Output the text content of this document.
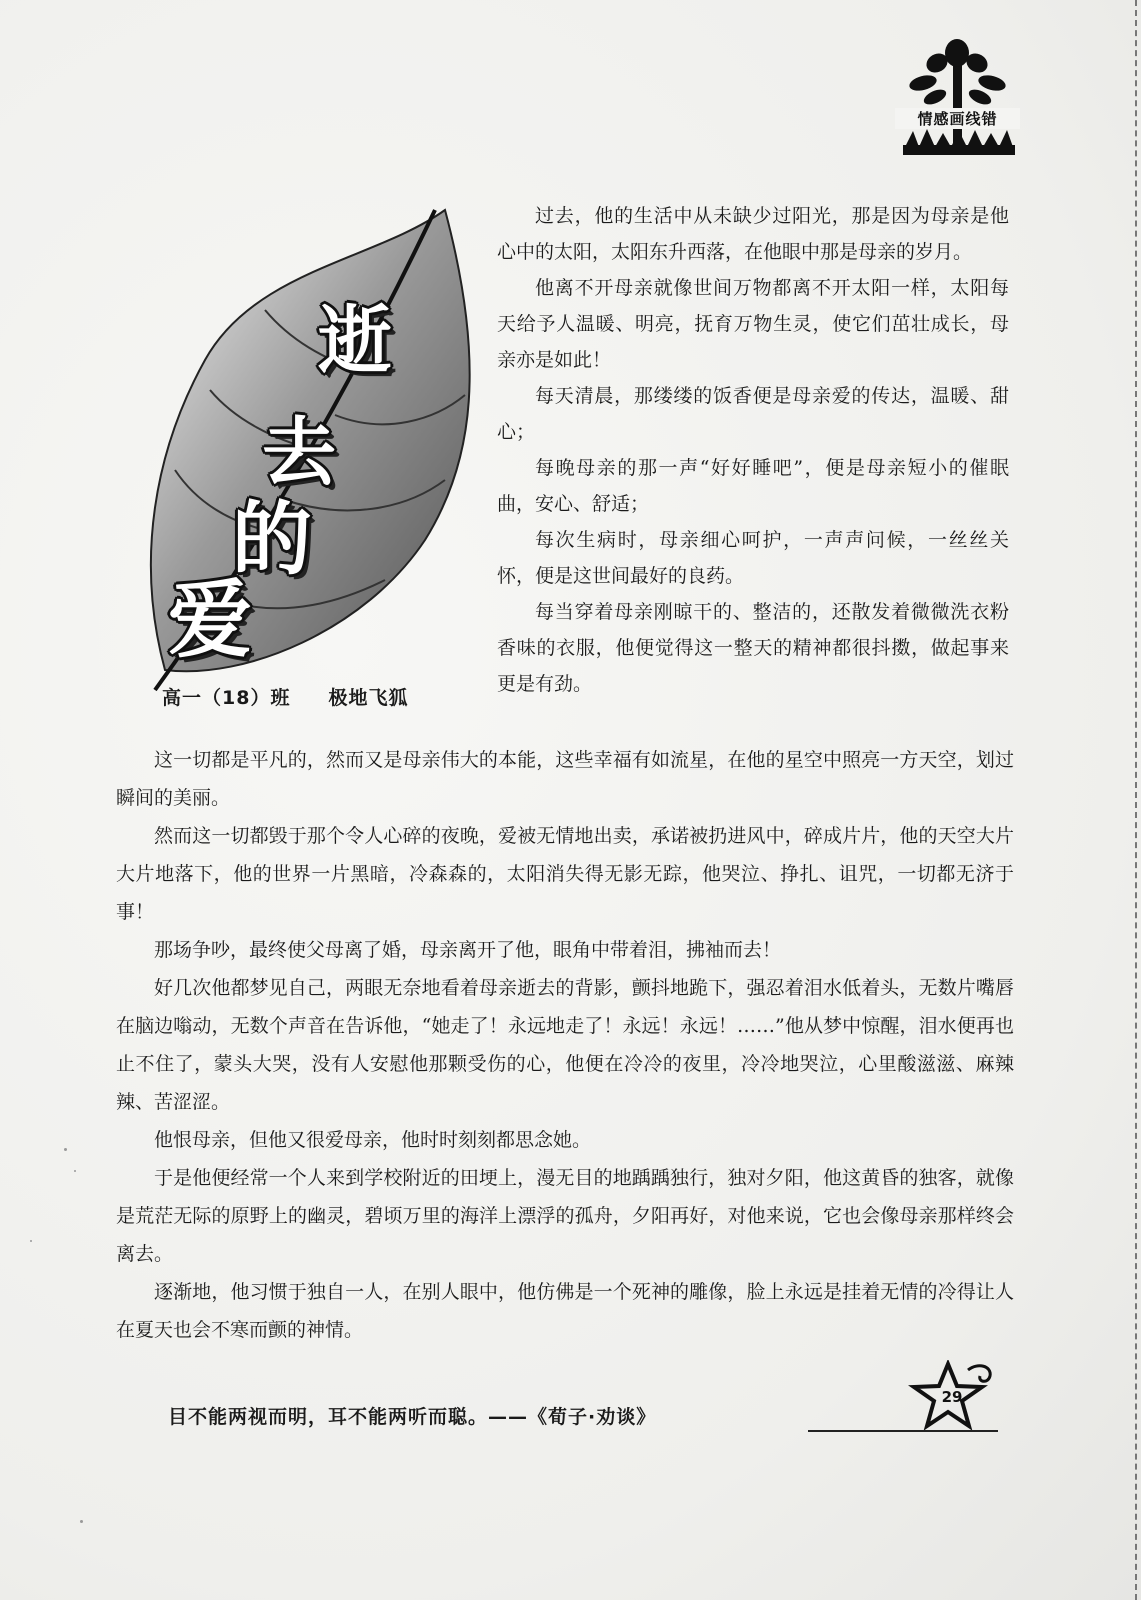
情感画线错
逝
去
的
爱
高一（18）班 极地飞狐

过去，他的生活中从未缺少过阳光，那是因为母亲是他心中的太阳，太阳东升西落，在他眼中那是母亲的岁月。

他离不开母亲就像世间万物都离不开太阳一样，太阳每天给予人温暖、明亮，抚育万物生灵，使它们茁壮成长，母亲亦是如此！

每天清晨，那缕缕的饭香便是母亲爱的传达，温暖、甜心；

每晚母亲的那一声“好好睡吧”，便是母亲短小的催眠曲，安心、舒适；

每次生病时，母亲细心呵护，一声声问候，一丝丝关怀，便是这世间最好的良药。

每当穿着母亲刚晾干的、整洁的，还散发着微微洗衣粉香味的衣服，他便觉得这一整天的精神都很抖擞，做起事来更是有劲。

这一切都是平凡的，然而又是母亲伟大的本能，这些幸福有如流星，在他的星空中照亮一方天空，划过瞬间的美丽。

然而这一切都毁于那个令人心碎的夜晚，爱被无情地出卖，承诺被扔进风中，碎成片片，他的天空大片大片地落下，他的世界一片黑暗，冷森森的，太阳消失得无影无踪，他哭泣、挣扎、诅咒，一切都无济于事！

那场争吵，最终使父母离了婚，母亲离开了他，眼角中带着泪，拂袖而去！

好几次他都梦见自己，两眼无奈地看着母亲逝去的背影，颤抖地跪下，强忍着泪水低着头，无数片嘴唇在脑边嗡动，无数个声音在告诉他，“她走了！永远地走了！永远！永远！……”他从梦中惊醒，泪水便再也止不住了，蒙头大哭，没有人安慰他那颗受伤的心，他便在冷冷的夜里，冷冷地哭泣，心里酸滋滋、麻辣辣、苦涩涩。

他恨母亲，但他又很爱母亲，他时时刻刻都思念她。

于是他便经常一个人来到学校附近的田埂上，漫无目的地踽踽独行，独对夕阳，他这黄昏的独客，就像是荒茫无际的原野上的幽灵，碧顷万里的海洋上漂浮的孤舟，夕阳再好，对他来说，它也会像母亲那样终会离去。

逐渐地，他习惯于独自一人，在别人眼中，他仿佛是一个死神的雕像，脸上永远是挂着无情的冷得让人在夏天也会不寒而颤的神情。

目不能两视而明，耳不能两听而聪。——《荀子·劝谈》
29
